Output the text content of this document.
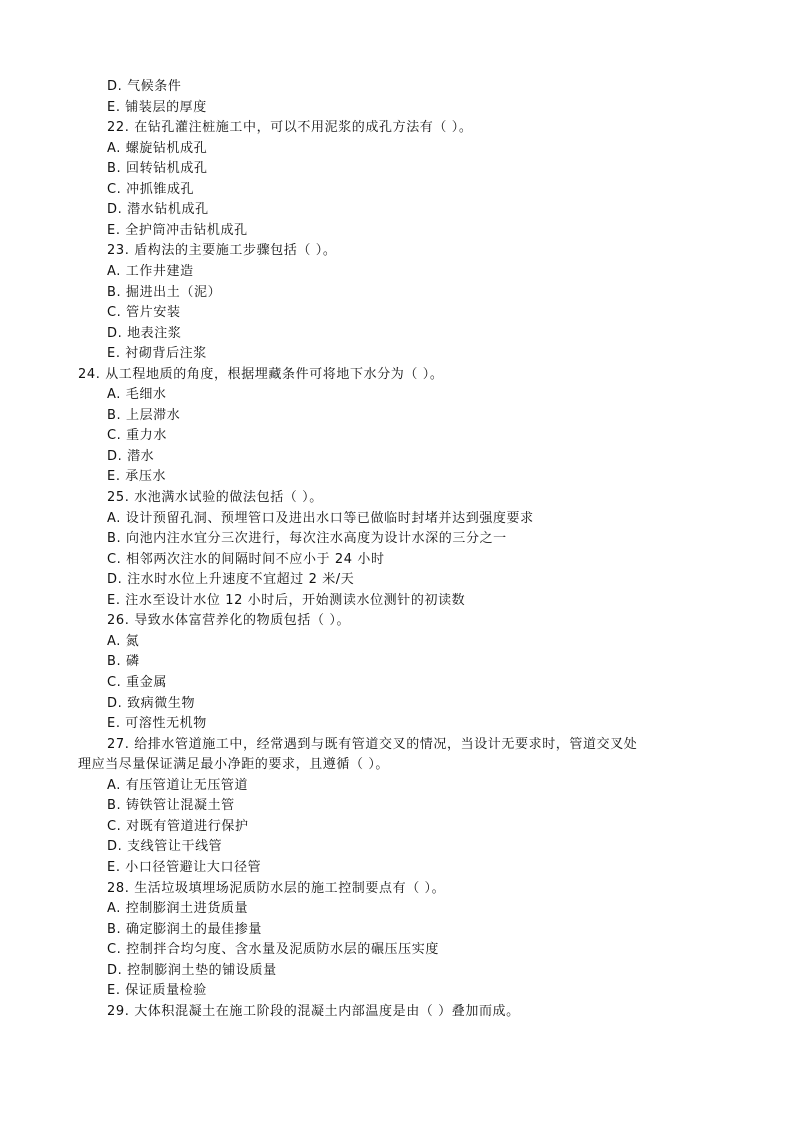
D. 气候条件
E. 铺装层的厚度
22. 在钻孔灌注桩施工中，可以不用泥浆的成孔方法有（ ）。
A. 螺旋钻机成孔
B. 回转钻机成孔
C. 冲抓锥成孔
D. 潜水钻机成孔
E. 全护筒冲击钻机成孔
23. 盾构法的主要施工步骤包括（ ）。
A. 工作井建造
B. 掘进出土（泥）
C. 管片安装
D. 地表注浆
E. 衬砌背后注浆
24. 从工程地质的角度，根据埋藏条件可将地下水分为（ ）。
A. 毛细水
B. 上层滞水
C. 重力水
D. 潜水
E. 承压水
25. 水池满水试验的做法包括（ ）。
A. 设计预留孔洞、预埋管口及进出水口等已做临时封堵并达到强度要求
B. 向池内注水宜分三次进行，每次注水高度为设计水深的三分之一
C. 相邻两次注水的间隔时间不应小于 24 小时
D. 注水时水位上升速度不宜超过 2 米/天
E. 注水至设计水位 12 小时后，开始测读水位测针的初读数
26. 导致水体富营养化的物质包括（ ）。
A. 氮
B. 磷
C. 重金属
D. 致病微生物
E. 可溶性无机物
27. 给排水管道施工中，经常遇到与既有管道交叉的情况，当设计无要求时，管道交叉处
理应当尽量保证满足最小净距的要求，且遵循（ ）。
A. 有压管道让无压管道
B. 铸铁管让混凝土管
C. 对既有管道进行保护
D. 支线管让干线管
E. 小口径管避让大口径管
28. 生活垃圾填埋场泥质防水层的施工控制要点有（ ）。
A. 控制膨润土进货质量
B. 确定膨润土的最佳掺量
C. 控制拌合均匀度、含水量及泥质防水层的碾压压实度
D. 控制膨润土垫的铺设质量
E. 保证质量检验
29. 大体积混凝土在施工阶段的混凝土内部温度是由（ ）叠加而成。
